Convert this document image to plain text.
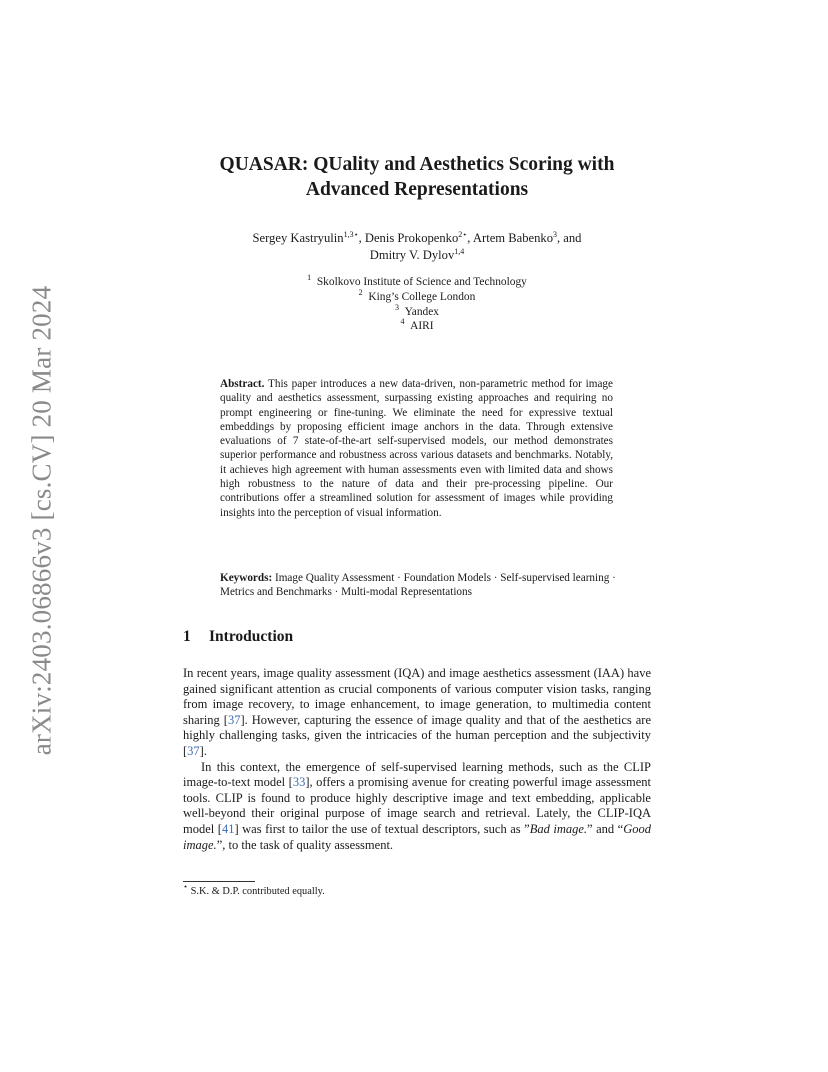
arXiv:2403.06866v3 [cs.CV] 20 Mar 2024
QUASAR: QUality and Aesthetics Scoring with
Advanced Representations
Sergey Kastryulin$^{1,3⋆}$, Denis Prokopenko$^{2⋆}$, Artem Babenko$^3$, and
Dmitry V. Dylov$^{1,4}$
$^1$ Skolkovo Institute of Science and Technology
$^2$ King’s College London
$^3$ Yandex
$^4$ AIRI
Abstract. This paper introduces a new data-driven, non-parametric method for image quality and aesthetics assessment, surpassing existing approaches and requiring no prompt engineering or fine-tuning. We eliminate the need for expressive textual embeddings by proposing efficient image anchors in the data. Through extensive evaluations of 7 state-of-the-art self-supervised models, our method demonstrates superior performance and robustness across various datasets and benchmarks. Notably, it achieves high agreement with human assessments even with limited data and shows high robustness to the nature of data and their pre-processing pipeline. Our contributions offer a streamlined solution for assessment of images while providing insights into the perception of visual information.
Keywords: Image Quality Assessment · Foundation Models · Self-supervised learning · Metrics and Benchmarks · Multi-modal Representations
1 Introduction

In recent years, image quality assessment (IQA) and image aesthetics assessment (IAA) have gained significant attention as crucial components of various computer vision tasks, ranging from image recovery, to image enhancement, to image generation, to multimedia content sharing [37]. However, capturing the essence of image quality and that of the aesthetics are highly challenging tasks, given the intricacies of the human perception and the subjectivity [37].

In this context, the emergence of self-supervised learning methods, such as the CLIP image-to-text model [33], offers a promising avenue for creating powerful image assessment tools. CLIP is found to produce highly descriptive image and text embedding, applicable well-beyond their original purpose of image search and retrieval. Lately, the CLIP-IQA model [41] was first to tailor the use of textual descriptors, such as ”Bad image.” and “Good image.”, to the task of quality assessment.

⋆ S.K. & D.P. contributed equally.
